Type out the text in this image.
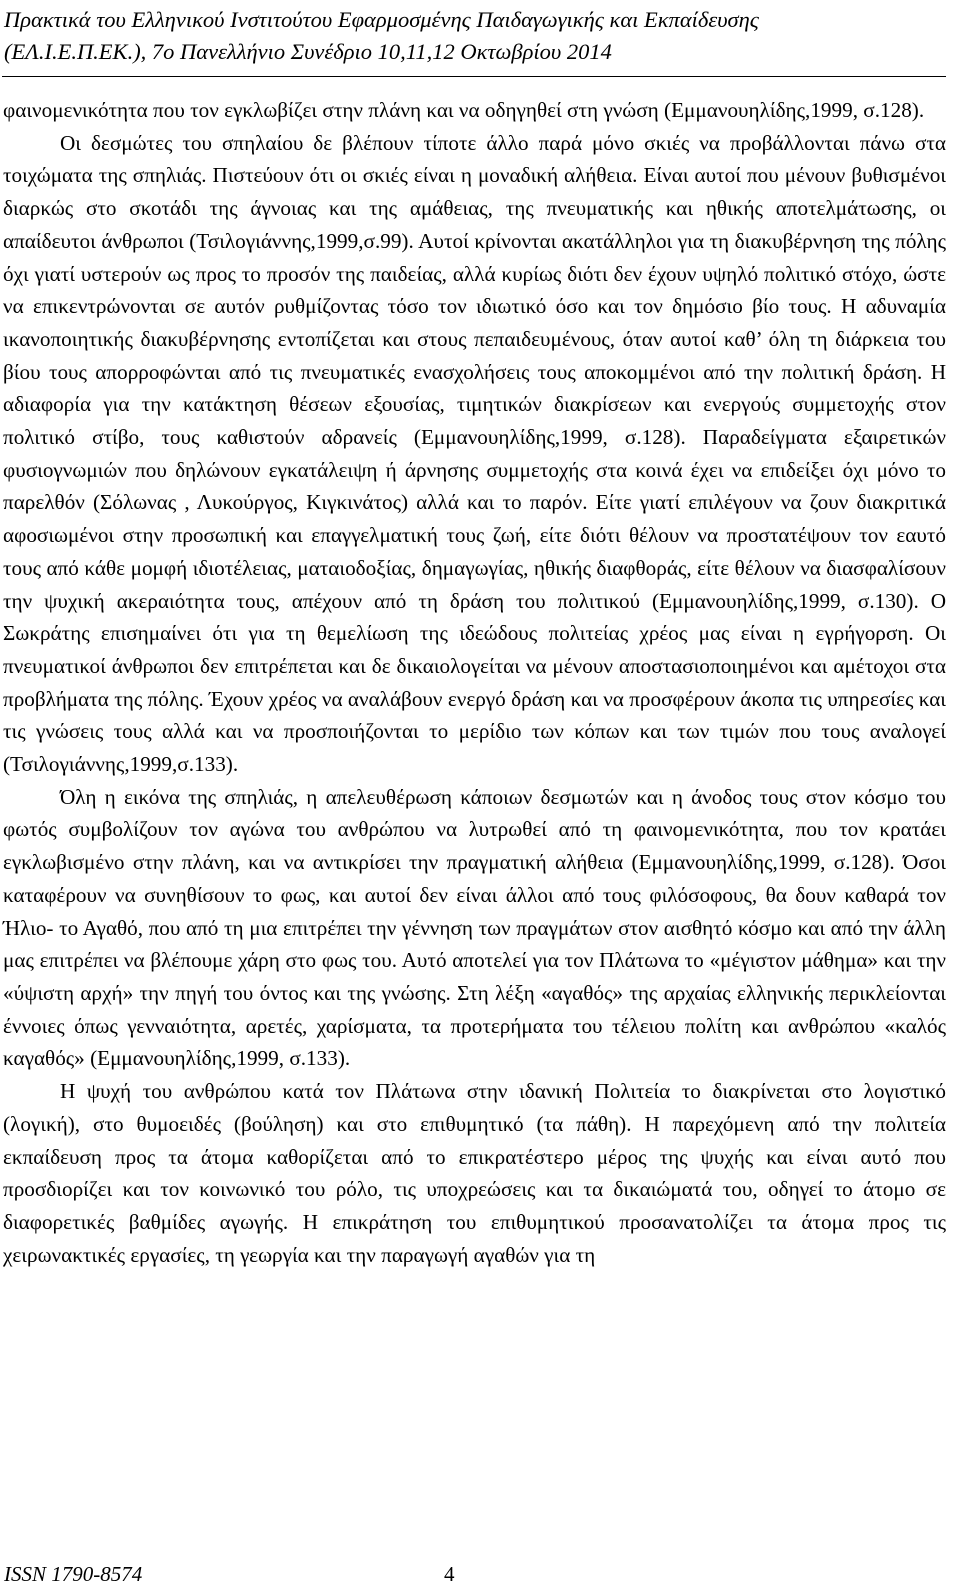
Πρακτικά του Ελληνικού Ινστιτούτου Εφαρμοσμένης Παιδαγωγικής και Εκπαίδευσης
(ΕΛ.Ι.Ε.Π.ΕΚ.), 7ο Πανελλήνιο Συνέδριο 10,11,12 Οκτωβρίου 2014

φαινομενικότητα που τον εγκλωβίζει στην πλάνη και να οδηγηθεί στη γνώση (Εμμανουηλίδης,1999, σ.128).

Οι δεσμώτες του σπηλαίου δε βλέπουν τίποτε άλλο παρά μόνο σκιές να προβάλλονται πάνω στα τοιχώματα της σπηλιάς. Πιστεύουν ότι οι σκιές είναι η μοναδική αλήθεια. Είναι αυτοί που μένουν βυθισμένοι διαρκώς στο σκοτάδι της άγνοιας και της αμάθειας, της πνευματικής και ηθικής αποτελμάτωσης, οι απαίδευτοι άνθρωποι (Τσιλογιάννης,1999,σ.99). Αυτοί κρίνονται ακατάλληλοι για τη διακυβέρνηση της πόλης όχι γιατί υστερούν ως προς το προσόν της παιδείας, αλλά κυρίως διότι δεν έχουν υψηλό πολιτικό στόχο, ώστε να επικεντρώνονται σε αυτόν ρυθμίζοντας τόσο τον ιδιωτικό όσο και τον δημόσιο βίο τους. Η αδυναμία ικανοποιητικής διακυβέρνησης εντοπίζεται και στους πεπαιδευμένους, όταν αυτοί καθ’ όλη τη διάρκεια του βίου τους απορροφώνται από τις πνευματικές ενασχολήσεις τους αποκομμένοι από την πολιτική δράση. Η αδιαφορία για την κατάκτηση θέσεων εξουσίας, τιμητικών διακρίσεων και ενεργούς συμμετοχής στον πολιτικό στίβο, τους καθιστούν αδρανείς (Εμμανουηλίδης,1999, σ.128). Παραδείγματα εξαιρετικών φυσιογνωμιών που δηλώνουν εγκατάλειψη ή άρνησης συμμετοχής στα κοινά έχει να επιδείξει όχι μόνο το παρελθόν (Σόλωνας , Λυκούργος, Κιγκινάτος) αλλά και το παρόν. Είτε γιατί επιλέγουν να ζουν διακριτικά αφοσιωμένοι στην προσωπική και επαγγελματική τους ζωή, είτε διότι θέλουν να προστατέψουν τον εαυτό τους από κάθε μομφή ιδιοτέλειας, ματαιοδοξίας, δημαγωγίας, ηθικής διαφθοράς, είτε θέλουν να διασφαλίσουν την ψυχική ακεραιότητα τους, απέχουν από τη δράση του πολιτικού (Εμμανουηλίδης,1999, σ.130). Ο Σωκράτης επισημαίνει ότι για τη θεμελίωση της ιδεώδους πολιτείας χρέος μας είναι η εγρήγορση. Οι πνευματικοί άνθρωποι δεν επιτρέπεται και δε δικαιολογείται να μένουν αποστασιοποιημένοι και αμέτοχοι στα προβλήματα της πόλης. Έχουν χρέος να αναλάβουν ενεργό δράση και να προσφέρουν άκοπα τις υπηρεσίες και τις γνώσεις τους αλλά και να προσποιήζονται το μερίδιο των κόπων και των τιμών που τους αναλογεί (Τσιλογιάννης,1999,σ.133).

Όλη η εικόνα της σπηλιάς, η απελευθέρωση κάποιων δεσμωτών και η άνοδος τους στον κόσμο του φωτός συμβολίζουν τον αγώνα του ανθρώπου να λυτρωθεί από τη φαινομενικότητα, που τον κρατάει εγκλωβισμένο στην πλάνη, και να αντικρίσει την πραγματική αλήθεια (Εμμανουηλίδης,1999, σ.128). Όσοι καταφέρουν να συνηθίσουν το φως, και αυτοί δεν είναι άλλοι από τους φιλόσοφους, θα δουν καθαρά τον Ήλιο- το Αγαθό, που από τη μια επιτρέπει την γέννηση των πραγμάτων στον αισθητό κόσμο και από την άλλη μας επιτρέπει να βλέπουμε χάρη στο φως του. Αυτό αποτελεί για τον Πλάτωνα το «μέγιστον μάθημα» και την «ύψιστη αρχή» την πηγή του όντος και της γνώσης. Στη λέξη «αγαθός» της αρχαίας ελληνικής περικλείονται έννοιες όπως γενναιότητα, αρετές, χαρίσματα, τα προτερήματα του τέλειου πολίτη και ανθρώπου «καλός καγαθός» (Εμμανουηλίδης,1999, σ.133).

Η ψυχή του ανθρώπου κατά τον Πλάτωνα στην ιδανική Πολιτεία το διακρίνεται στο λογιστικό (λογική), στο θυμοειδές (βούληση) και στο επιθυμητικό (τα πάθη). Η παρεχόμενη από την πολιτεία εκπαίδευση προς τα άτομα καθορίζεται από το επικρατέστερο μέρος της ψυχής και είναι αυτό που προσδιορίζει και τον κοινωνικό του ρόλο, τις υποχρεώσεις και τα δικαιώματά του, οδηγεί το άτομο σε διαφορετικές βαθμίδες αγωγής. Η επικράτηση του επιθυμητικού προσανατολίζει τα άτομα προς τις χειρωνακτικές εργασίες, τη γεωργία και την παραγωγή αγαθών για τη

ISSN 1790-8574	4
